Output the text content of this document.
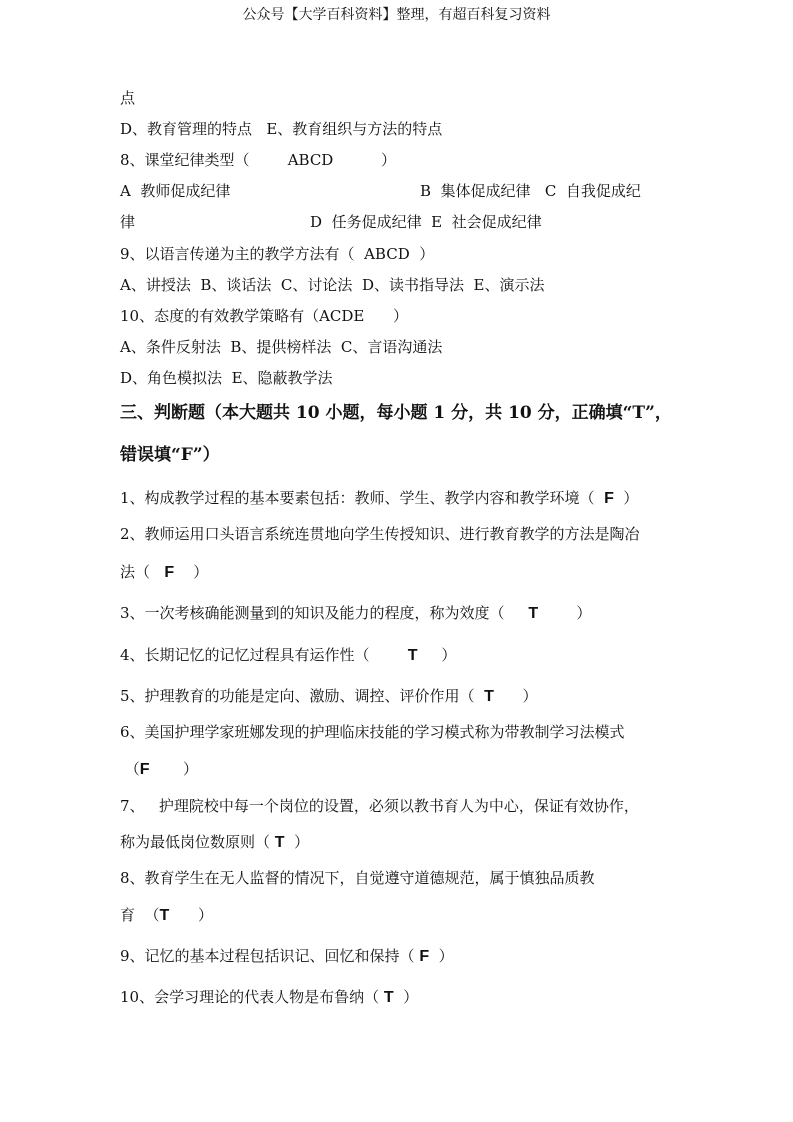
公众号【大学百科资料】整理，有超百科复习资料
点
D、教育管理的特点   E、教育组织与方法的特点
8、课堂纪律类型（        ABCD          ）
A  教师促成纪律	B  集体促成纪律   C  自我促成纪
律	D  任务促成纪律  E  社会促成纪律
9、以语言传递为主的教学方法有（  ABCD  ）
A、讲授法  B、谈话法  C、讨论法  D、读书指导法  E、演示法
10、态度的有效教学策略有（ACDE      ）
A、条件反射法  B、提供榜样法  C、言语沟通法
D、角色模拟法  E、隐蔽教学法
三、判断题（本大题共 10 小题，每小题 1 分，共 10 分，正确填“T”，
错误填“F”）
1、构成教学过程的基本要素包括：教师、学生、教学内容和教学环境（ F ）
2、教师运用口头语言系统连贯地向学生传授知识、进行教育教学的方法是陶冶
法（ F ）
3、一次考核确能测量到的知识及能力的程度，称为效度（ T	）
4、长期记忆的记忆过程具有运作性（ T ）
5、护理教育的功能是定向、激励、调控、评价作用（ T ）
6、美国护理学家班娜发现的护理临床技能的学习模式称为带教制学习法模式
（F ）
7、   护理院校中每一个岗位的设置，必须以教书育人为中心，保证有效协作，
称为最低岗位数原则（ T ）
8、教育学生在无人监督的情况下，自觉遵守道德规范，属于慎独品质教
育  （T ）
9、记忆的基本过程包括识记、回忆和保持（ F ）
10、会学习理论的代表人物是布鲁纳（ T ）
